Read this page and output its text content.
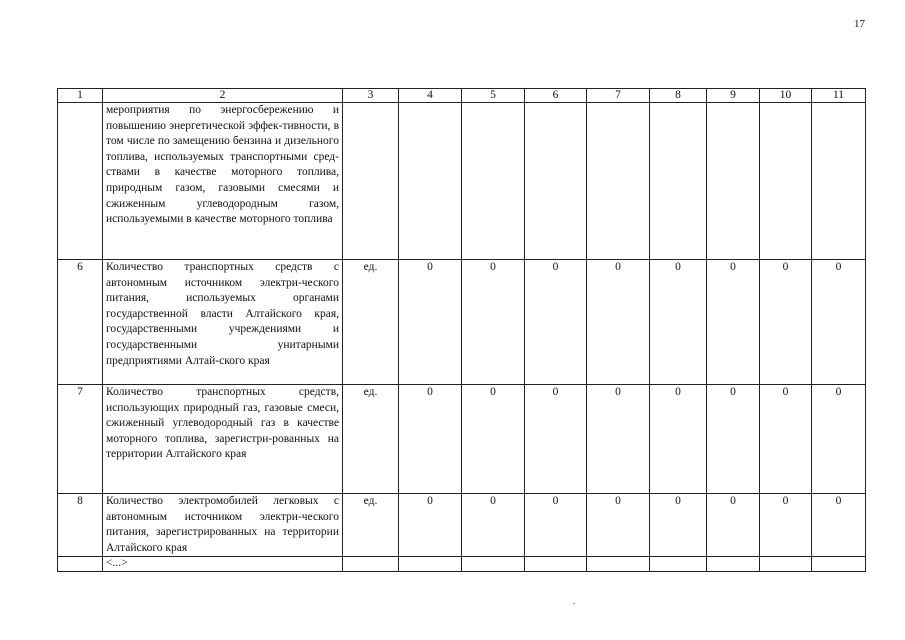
17
1	2	3	4	5	6	7	8	9	10	11
	мероприятия по энергосбережению и повышению энергетической эффек-тивности, в том числе по замещению бензина и дизельного топлива, используемых транспортными сред-ствами в качестве моторного топлива, природным газом, газовыми смесями и сжиженным углеводородным газом, используемыми в качестве моторного топлива									
6	Количество транспортных средств с автономным источником электри-ческого питания, используемых органами государственной власти Алтайского края, государственными учреждениями и государственными унитарными предприятиями Алтай-ского края	ед.	0	0	0	0	0	0	0	0
7	Количество транспортных средств, использующих природный газ, газовые смеси, сжиженный углеводородный газ в качестве моторного топлива, зарегистри-рованных на территории Алтайского края	ед.	0	0	0	0	0	0	0	0
8	Количество электромобилей легковых с автономным источником электри-ческого питания, зарегистрированных на территории Алтайского края	ед.	0	0	0	0	0	0	0	0
	<...>									
